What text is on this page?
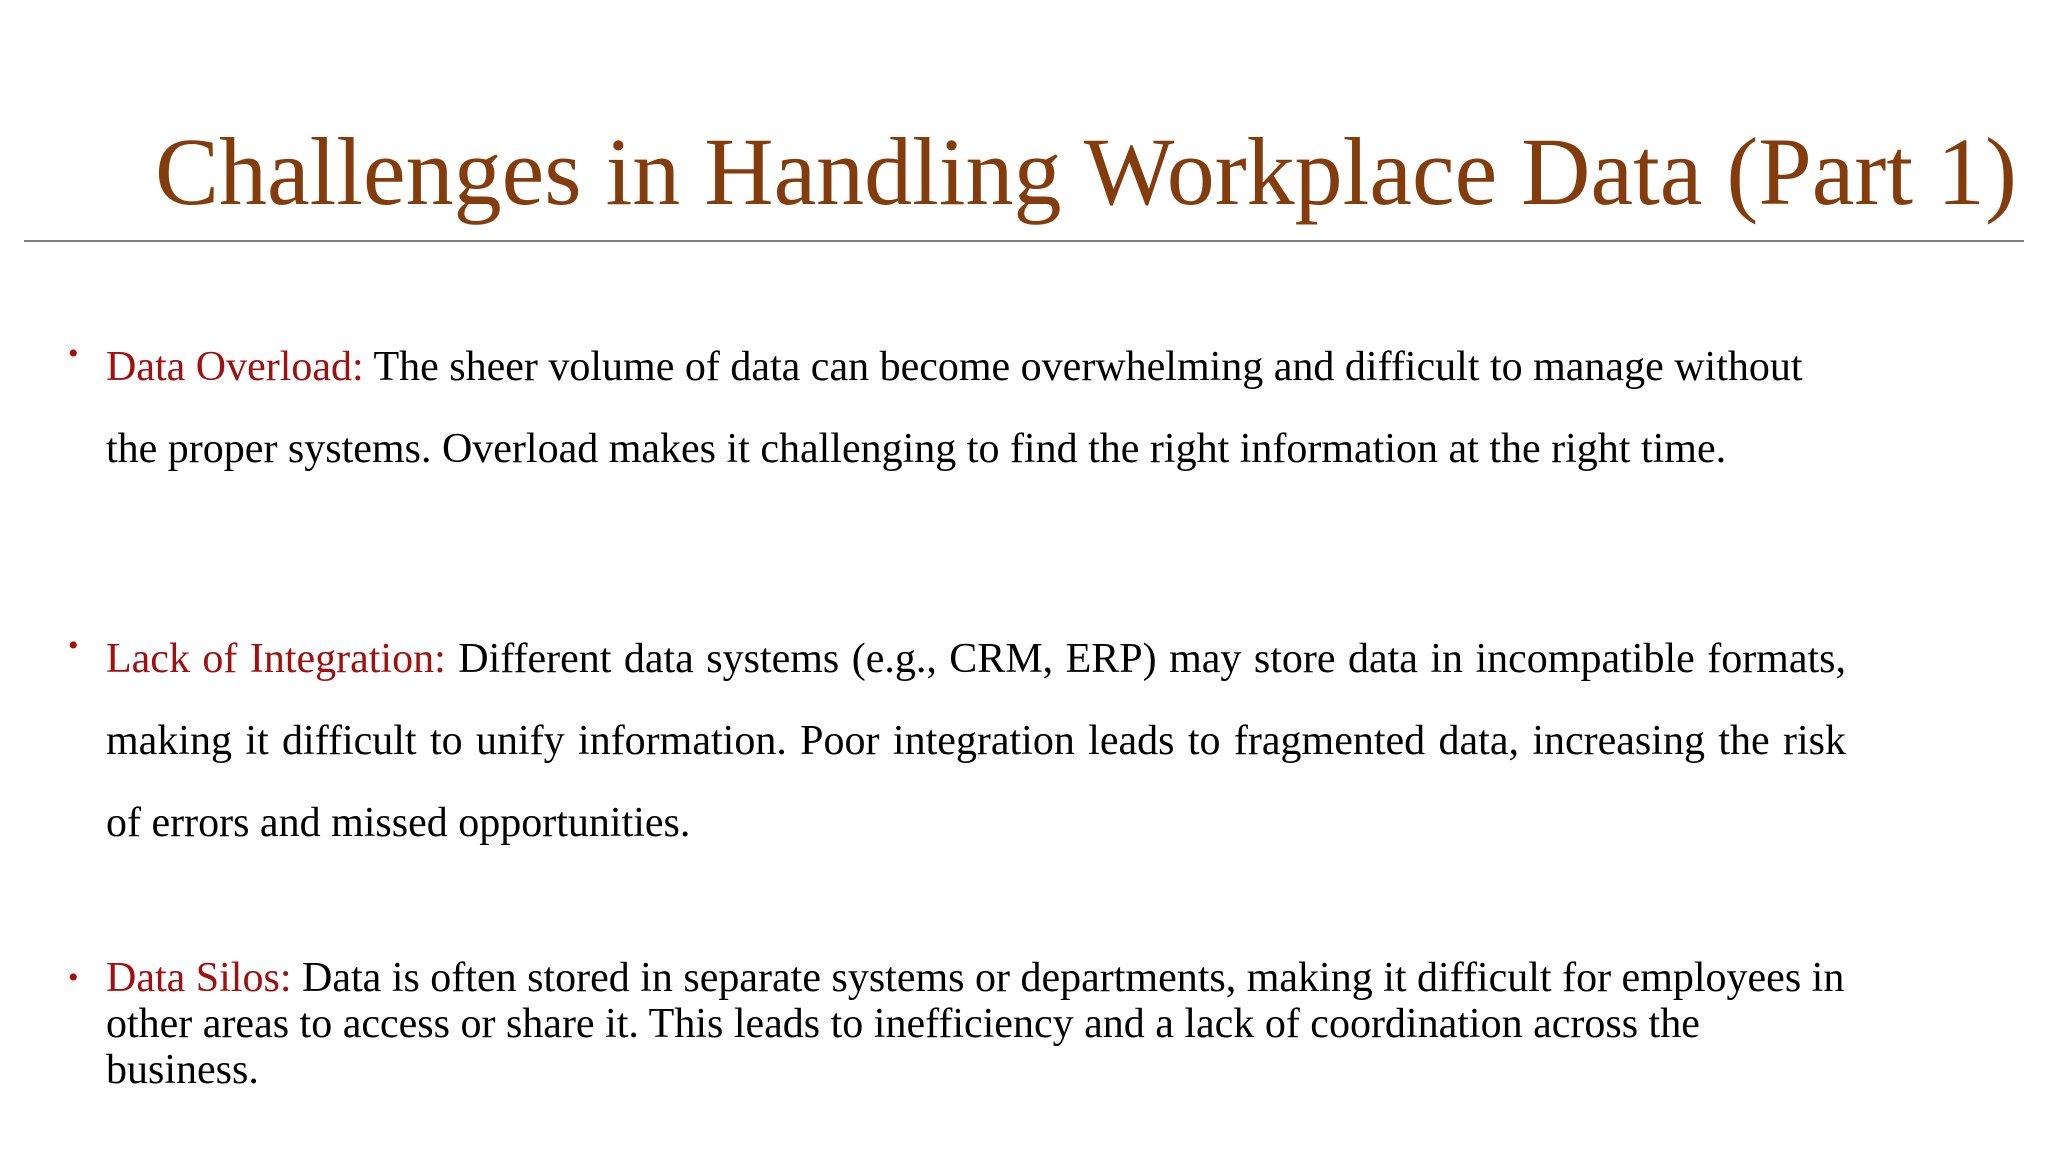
Challenges in Handling Workplace Data (Part 1)
• Data Overload: The sheer volume of data can become overwhelming and difficult to manage without the proper systems. Overload makes it challenging to find the right information at the right time.
• Lack of Integration: Different data systems (e.g., CRM, ERP) may store data in incompatible formats, making it difficult to unify information. Poor integration leads to fragmented data, increasing the risk of errors and missed opportunities.
• Data Silos: Data is often stored in separate systems or departments, making it difficult for employees in other areas to access or share it. This leads to inefficiency and a lack of coordination across the business.
